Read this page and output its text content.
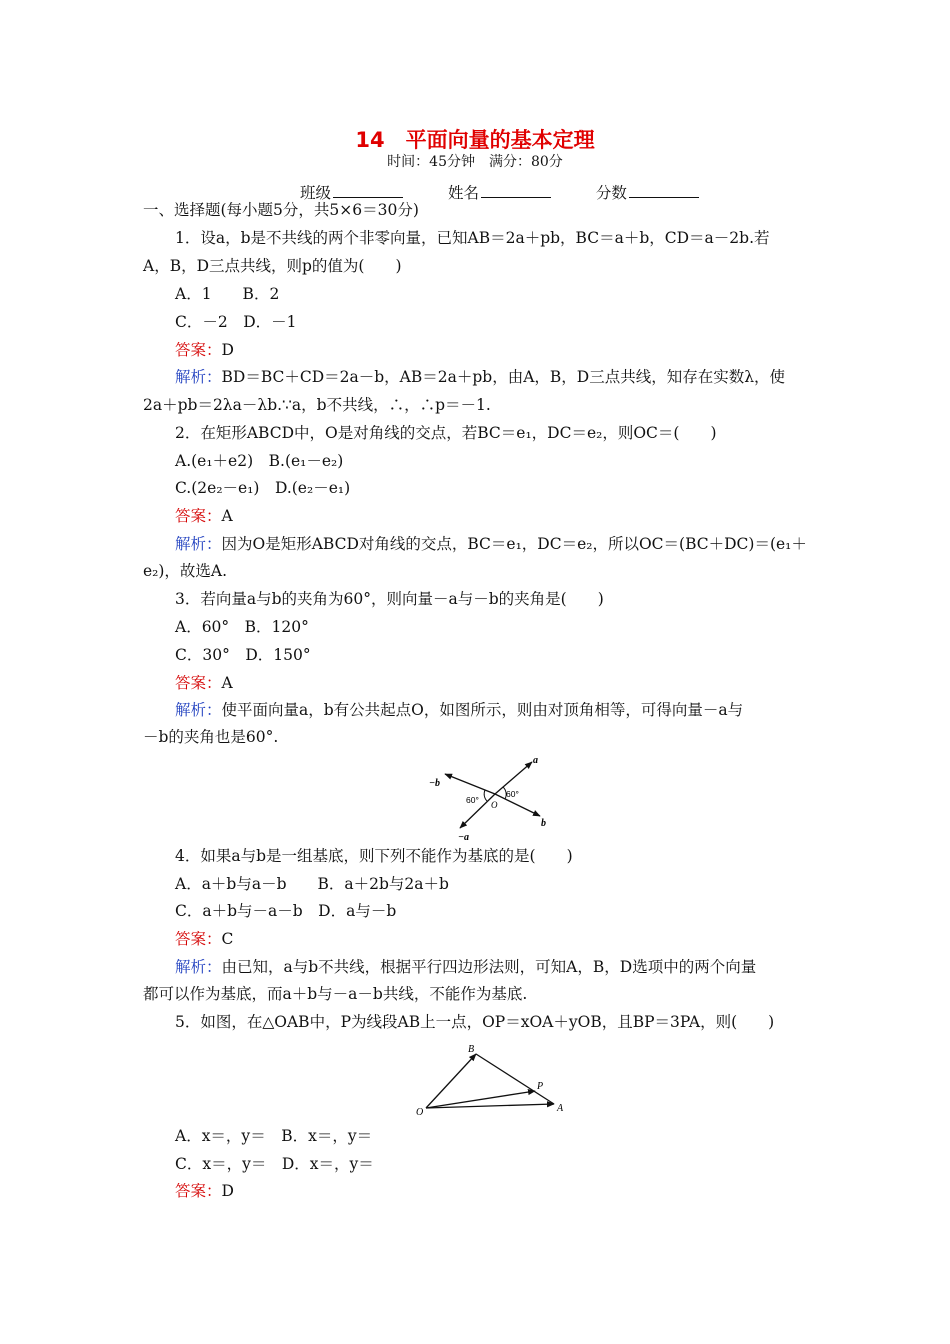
14　平面向量的基本定理
时间：45分钟　满分：80分
班级	姓名	分数
一、选择题(每小题5分，共5×6＝30分)
1．设a，b是不共线的两个非零向量，已知AB＝2a＋pb，BC＝a＋b，CD＝a－2b.若
A，B，D三点共线，则p的值为(　　)
A．1　　B．2
C．－2　D．－1
答案：D
解析：BD＝BC＋CD＝2a－b，AB＝2a＋pb，由A，B，D三点共线，知存在实数λ，使
2a＋pb＝2λa－λb.∵a，b不共线，∴，∴p＝－1.
2．在矩形ABCD中，O是对角线的交点，若BC＝e₁，DC＝e₂，则OC＝(　　)
A.(e₁＋e2)　B.(e₁－e₂)
C.(2e₂－e₁)　D.(e₂－e₁)
答案：A
解析：因为O是矩形ABCD对角线的交点，BC＝e₁，DC＝e₂，所以OC＝(BC＋DC)＝(e₁＋
e₂)，故选A.
3．若向量a与b的夹角为60°，则向量－a与－b的夹角是(　　)
A．60°　B．120°
C．30°　D．150°
答案：A
解析：使平面向量a，b有公共起点O，如图所示，则由对顶角相等，可得向量－a与
－b的夹角也是60°.
a
−b
60°
60° O
b
−a
4．如果a与b是一组基底，则下列不能作为基底的是(　　)
A．a＋b与a－b　　B．a＋2b与2a＋b
C．a＋b与－a－b　D．a与－b
答案：C
解析：由已知，a与b不共线，根据平行四边形法则，可知A，B，D选项中的两个向量
都可以作为基底，而a＋b与－a－b共线，不能作为基底.
5．如图，在△OAB中，P为线段AB上一点，OP＝xOA＋yOB，且BP＝3PA，则(　　)
B
P
O	A
A．x＝，y＝　B．x＝，y＝
C．x＝，y＝　D．x＝，y＝
答案：D
